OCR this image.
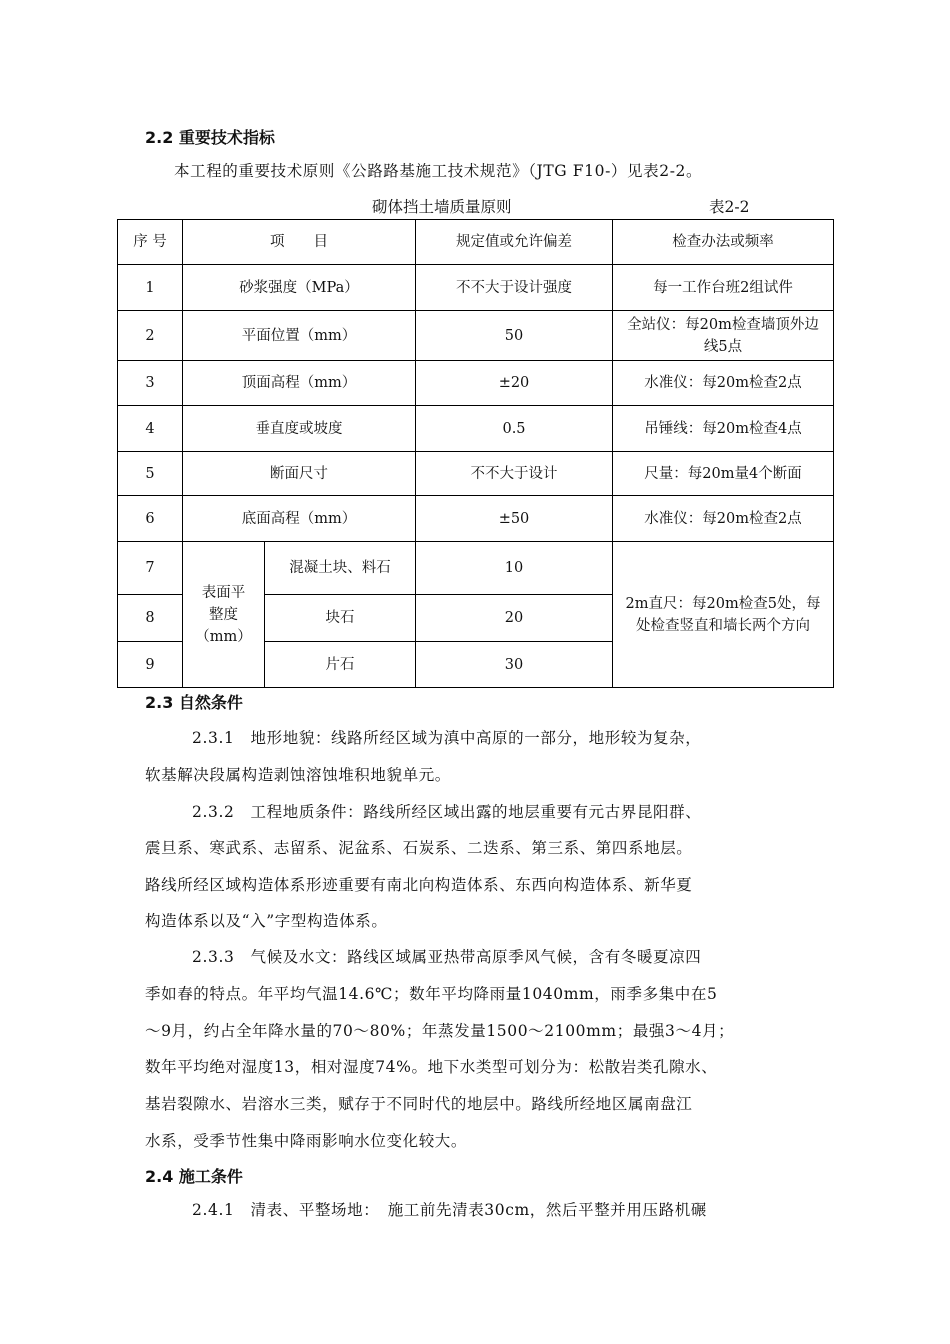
2.2 重要技术指标
本工程的重要技术原则《公路路基施工技术规范》（JTG F10-）见表2-2。
砌体挡土墙质量原则	表2-2
序 号	项　　目		规定值或允许偏差	检查办法或频率
1	砂浆强度（MPa）		不不大于设计强度	每一工作台班2组试件
2	平面位置（mm）		50	全站仪：每20m检查墙顶外边线5点
3	顶面高程（mm）		±20	水准仪：每20m检查2点
4	垂直度或坡度		0.5	吊锤线：每20m检查4点
5	断面尺寸		不不大于设计	尺量：每20m量4个断面
6	底面高程（mm）		±50	水准仪：每20m检查2点
7	表面平整度（mm）	混凝土块、料石	10	2m直尺：每20m检查5处，每处检查竖直和墙长两个方向
8		块石	20	
9		片石	30	
2.3 自然条件
2.3.1　地形地貌：线路所经区域为滇中高原的一部分，地形较为复杂，
软基解决段属构造剥蚀溶蚀堆积地貌单元。
2.3.2　工程地质条件：路线所经区域出露的地层重要有元古界昆阳群、
震旦系、寒武系、志留系、泥盆系、石炭系、二迭系、第三系、第四系地层。
路线所经区域构造体系形迹重要有南北向构造体系、东西向构造体系、新华夏
构造体系以及“入”字型构造体系。
2.3.3　气候及水文：路线区域属亚热带高原季风气候，含有冬暖夏凉四
季如春的特点。年平均气温14.6℃；数年平均降雨量1040mm，雨季多集中在5
～9月，约占全年降水量的70～80%；年蒸发量1500～2100mm；最强3～4月；
数年平均绝对湿度13，相对湿度74%。地下水类型可划分为：松散岩类孔隙水、
基岩裂隙水、岩溶水三类，赋存于不同时代的地层中。路线所经地区属南盘江
水系，受季节性集中降雨影响水位变化较大。
2.4 施工条件
2.4.1　清表、平整场地：　施工前先清表30cm，然后平整并用压路机碾
